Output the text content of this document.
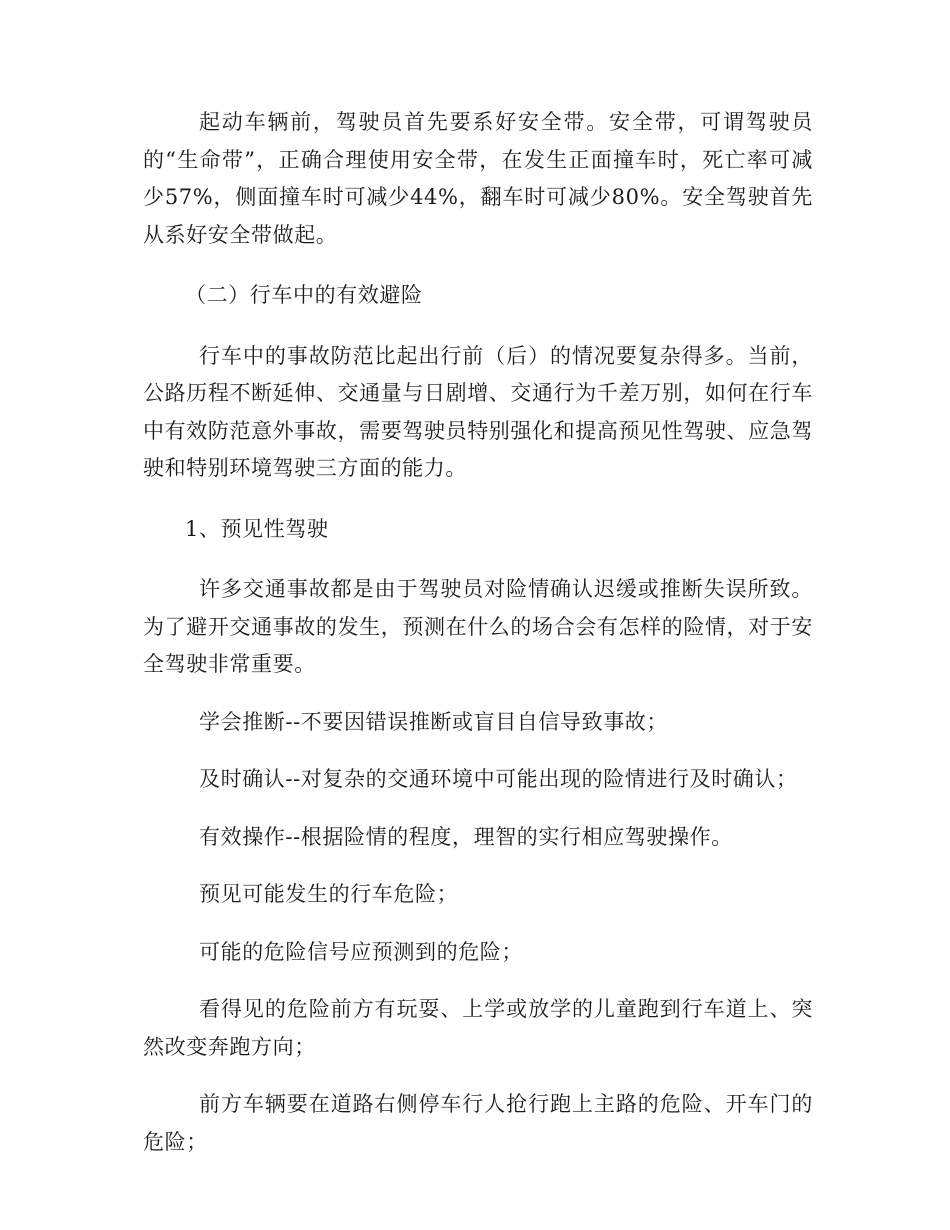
起动车辆前，驾驶员首先要系好安全带。安全带，可谓驾驶员的“生命带”，正确合理使用安全带，在发生正面撞车时，死亡率可减少57%，侧面撞车时可减少44%，翻车时可减少80%。安全驾驶首先从系好安全带做起。

（二）行车中的有效避险

行车中的事故防范比起出行前（后）的情况要复杂得多。当前，公路历程不断延伸、交通量与日剧增、交通行为千差万别，如何在行车中有效防范意外事故，需要驾驶员特别强化和提高预见性驾驶、应急驾驶和特别环境驾驶三方面的能力。

1、预见性驾驶

许多交通事故都是由于驾驶员对险情确认迟缓或推断失误所致。为了避开交通事故的发生，预测在什么的场合会有怎样的险情，对于安全驾驶非常重要。

学会推断--不要因错误推断或盲目自信导致事故；

及时确认--对复杂的交通环境中可能出现的险情进行及时确认；

有效操作--根据险情的程度，理智的实行相应驾驶操作。

预见可能发生的行车危险；

可能的危险信号应预测到的危险；

看得见的危险前方有玩耍、上学或放学的儿童跑到行车道上、突然改变奔跑方向；

前方车辆要在道路右侧停车行人抢行跑上主路的危险、开车门的危险；
